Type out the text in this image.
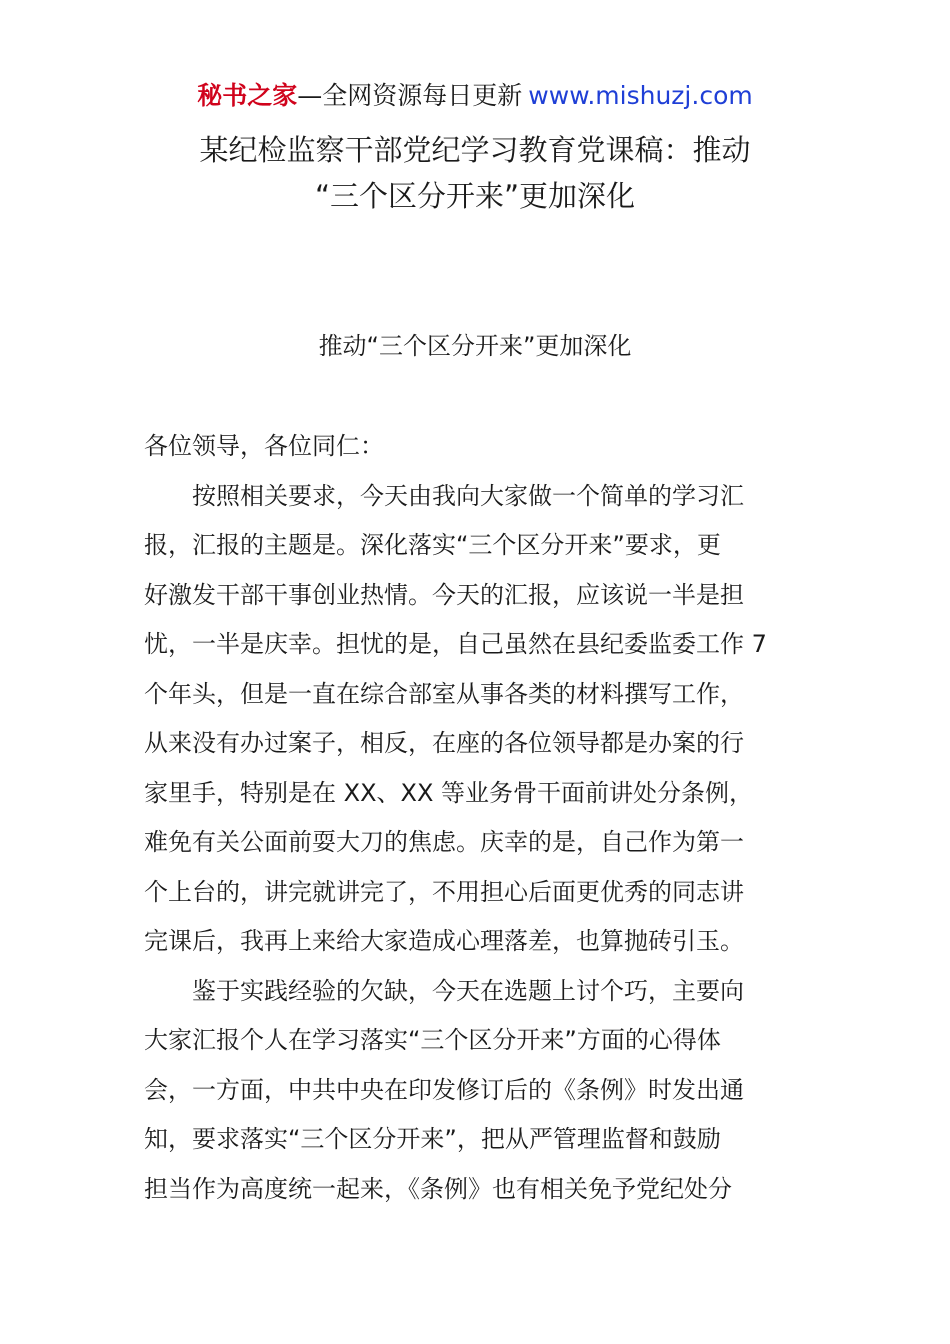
秘书之家—全网资源每日更新 www.mishuzj.com
某纪检监察干部党纪学习教育党课稿：推动
“三个区分开来”更加深化
推动“三个区分开来”更加深化
各位领导，各位同仁：
按照相关要求，今天由我向大家做一个简单的学习汇
报，汇报的主题是。深化落实“三个区分开来”要求，更
好激发干部干事创业热情。今天的汇报，应该说一半是担
忧，一半是庆幸。担忧的是，自己虽然在县纪委监委工作 7
个年头，但是一直在综合部室从事各类的材料撰写工作，
从来没有办过案子，相反，在座的各位领导都是办案的行
家里手，特别是在 XX、XX 等业务骨干面前讲处分条例，
难免有关公面前耍大刀的焦虑。庆幸的是，自己作为第一
个上台的，讲完就讲完了，不用担心后面更优秀的同志讲
完课后，我再上来给大家造成心理落差，也算抛砖引玉。
鉴于实践经验的欠缺，今天在选题上讨个巧，主要向
大家汇报个人在学习落实“三个区分开来”方面的心得体
会，一方面，中共中央在印发修订后的《条例》时发出通
知，要求落实“三个区分开来”，把从严管理监督和鼓励
担当作为高度统一起来，《条例》也有相关免予党纪处分
